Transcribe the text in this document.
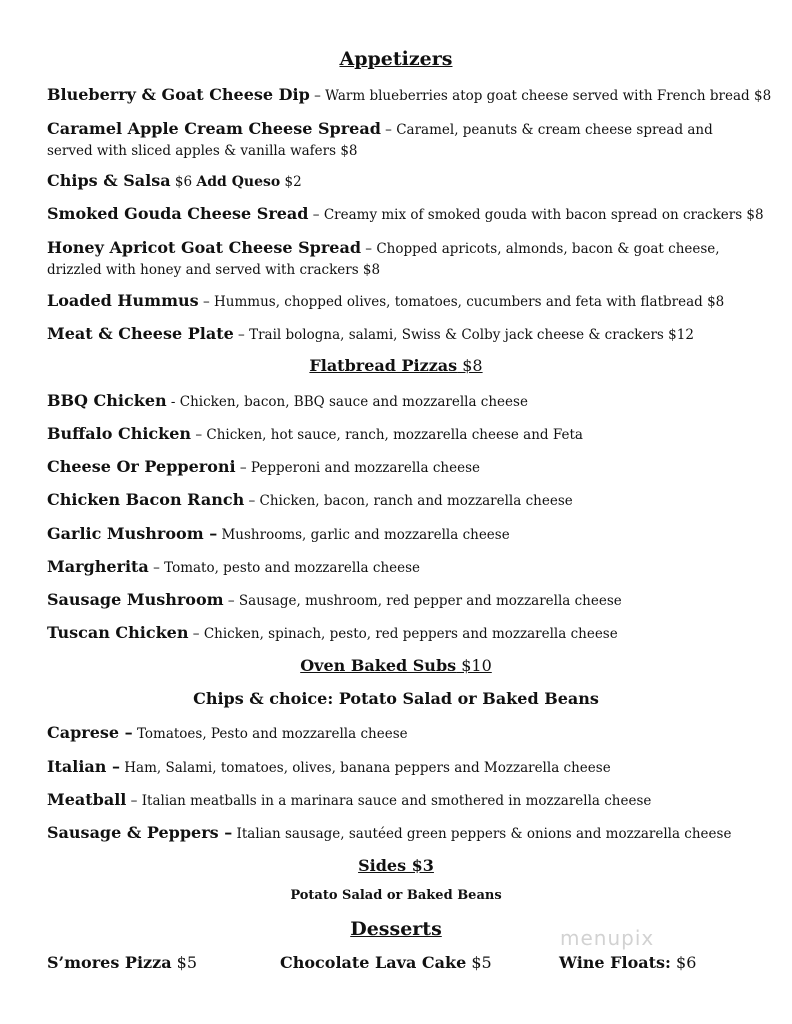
Appetizers
Blueberry & Goat Cheese Dip – Warm blueberries atop goat cheese served with French bread $8
Caramel Apple Cream Cheese Spread – Caramel, peanuts & cream cheese spread and served with sliced apples & vanilla wafers $8
Chips & Salsa $6 Add Queso $2
Smoked Gouda Cheese Sread – Creamy mix of smoked gouda with bacon spread on crackers $8
Honey Apricot Goat Cheese Spread – Chopped apricots, almonds, bacon & goat cheese, drizzled with honey and served with crackers $8
Loaded Hummus – Hummus, chopped olives, tomatoes, cucumbers and feta with flatbread $8
Meat & Cheese Plate – Trail bologna, salami, Swiss & Colby jack cheese & crackers $12
Flatbread Pizzas $8
BBQ Chicken - Chicken, bacon, BBQ sauce and mozzarella cheese
Buffalo Chicken – Chicken, hot sauce, ranch, mozzarella cheese and Feta
Cheese Or Pepperoni – Pepperoni and mozzarella cheese
Chicken Bacon Ranch – Chicken, bacon, ranch and mozzarella cheese
Garlic Mushroom – Mushrooms, garlic and mozzarella cheese
Margherita – Tomato, pesto and mozzarella cheese
Sausage Mushroom – Sausage, mushroom, red pepper and mozzarella cheese
Tuscan Chicken – Chicken, spinach, pesto, red peppers and mozzarella cheese
Oven Baked Subs $10
Chips & choice: Potato Salad or Baked Beans
Caprese – Tomatoes, Pesto and mozzarella cheese
Italian – Ham, Salami, tomatoes, olives, banana peppers and Mozzarella cheese
Meatball – Italian meatballs in a marinara sauce and smothered in mozzarella cheese
Sausage & Peppers – Italian sausage, sautéed green peppers & onions and mozzarella cheese
Sides $3
Potato Salad or Baked Beans
Desserts
S’mores Pizza $5	Chocolate Lava Cake $5	Wine Floats: $6
menupix
